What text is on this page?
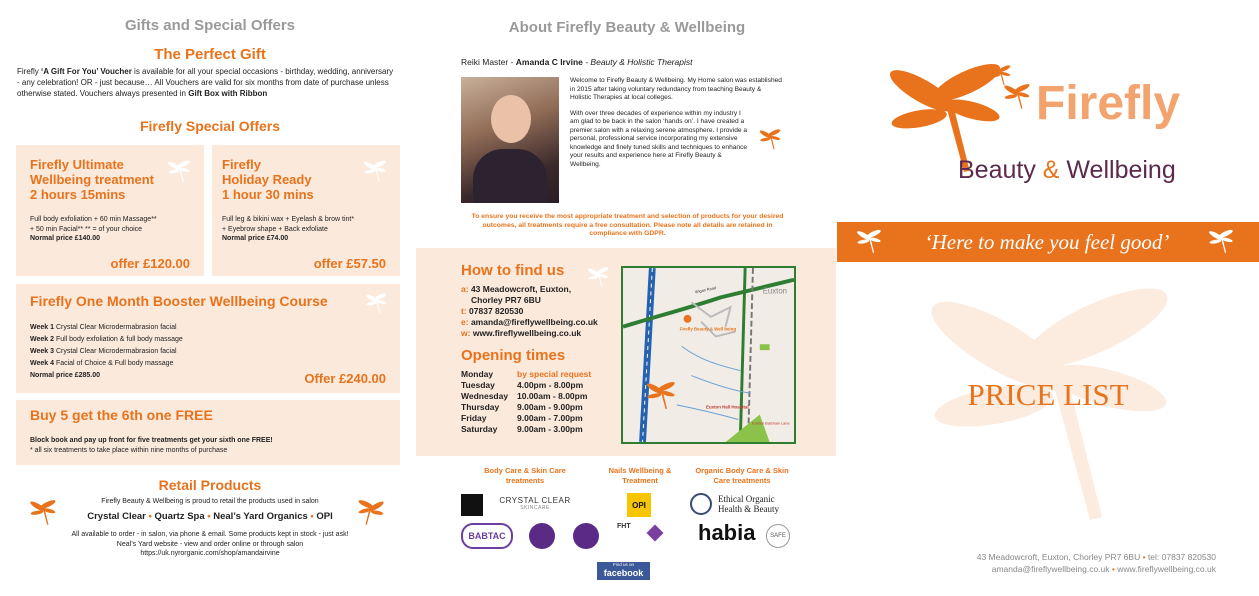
Gifts and Special Offers
The Perfect Gift
Firefly ‘A Gift For You’ Voucher is available for all your special occasions - birthday, wedding, anniversary - any celebration! OR - just because… All Vouchers are valid for six months from date of purchase unless otherwise stated. Vouchers always presented in Gift Box with Ribbon
Firefly Special Offers
Firefly Ultimate
Wellbeing treatment
2 hours 15mins
Full body exfoliation + 60 min Massage**
+ 50 min Facial** ** = of your choice
Normal price £140.00
offer £120.00
Firefly
Holiday Ready
1 hour 30 mins
Full leg & bikini wax + Eyelash & brow tint*
+ Eyebrow shape + Back exfoliate
Normal price £74.00
offer £57.50
Firefly One Month Booster Wellbeing Course
Week 1 Crystal Clear Microdermabrasion facial
Week 2 Full body exfoliation & full body massage
Week 3 Crystal Clear Microdermabrasion facial
Week 4 Facial of Choice & Full body massage
Normal price £285.00	Offer £240.00
Buy 5 get the 6th one FREE
Block book and pay up front for five treatments get your sixth one FREE!
* all six treatments to take place within nine months of purchase
Retail Products
Firefly Beauty & Wellbeing is proud to retail the products used in salon
Crystal Clear • Quartz Spa • Neal’s Yard Organics • OPI
All available to order - in salon, via phone & email. Some products kept in stock - just ask!
Neal’s Yard website - view and order online or through salon
https://uk.nyrorganic.com/shop/amandairvine
About Firefly Beauty & Wellbeing
Reiki Master - Amanda C Irvine - Beauty & Holistic Therapist
Welcome to Firefly Beauty & Wellbeing. My Home salon was established in 2015 after taking voluntary redundancy from teaching Beauty & Holistic Therapies at local colleges.
With over three decades of experience within my industry I am glad to be back in the salon ‘hands on’. I have created a premier salon with a relaxing serene atmosphere. I provide a personal, professional service incorporating my extensive knowledge and finely tuned skills and techniques to enhance your results and experience here at Firefly Beauty & Wellbeing.
To ensure you receive the most appropriate treatment and selection of products for your desired outcomes, all treatments require a free consultation. Please note all details are retained in compliance with GDPR.
How to find us
a: 43 Meadowcroft, Euxton,
Chorley PR7 6BU
t: 07837 820530
e: amanda@fireflywellbeing.co.uk
w: www.fireflywellbeing.co.uk
Opening times
Monday	by special request
Tuesday	4.00pm - 8.00pm
Wednesday	10.00am - 8.00pm
Thursday	9.00am - 9.00pm
Friday	9.00am - 7.00pm
Saturday	9.00am - 3.00pm
Euxton
Firefly Beauty & Well being
Euxton Hall Hospital
Euxton Balshaw Lane
Wigan Road
Body Care & Skin Care treatments
Nails Wellbeing & Treatment
Organic Body Care & Skin Care treatments
CRYSTAL CLEAR
SKINCARE	OPI
Ethical Organic
Health & Beauty
BABTAC
FHT	habia	SAFE
Find us on
facebook
Firefly
Beauty & Wellbeing
‘Here to make you feel good’
PRICE LIST
43 Meadowcroft, Euxton, Chorley PR7 6BU • tel: 07837 820530
amanda@fireflywellbeing.co.uk • www.fireflywellbeing.co.uk
